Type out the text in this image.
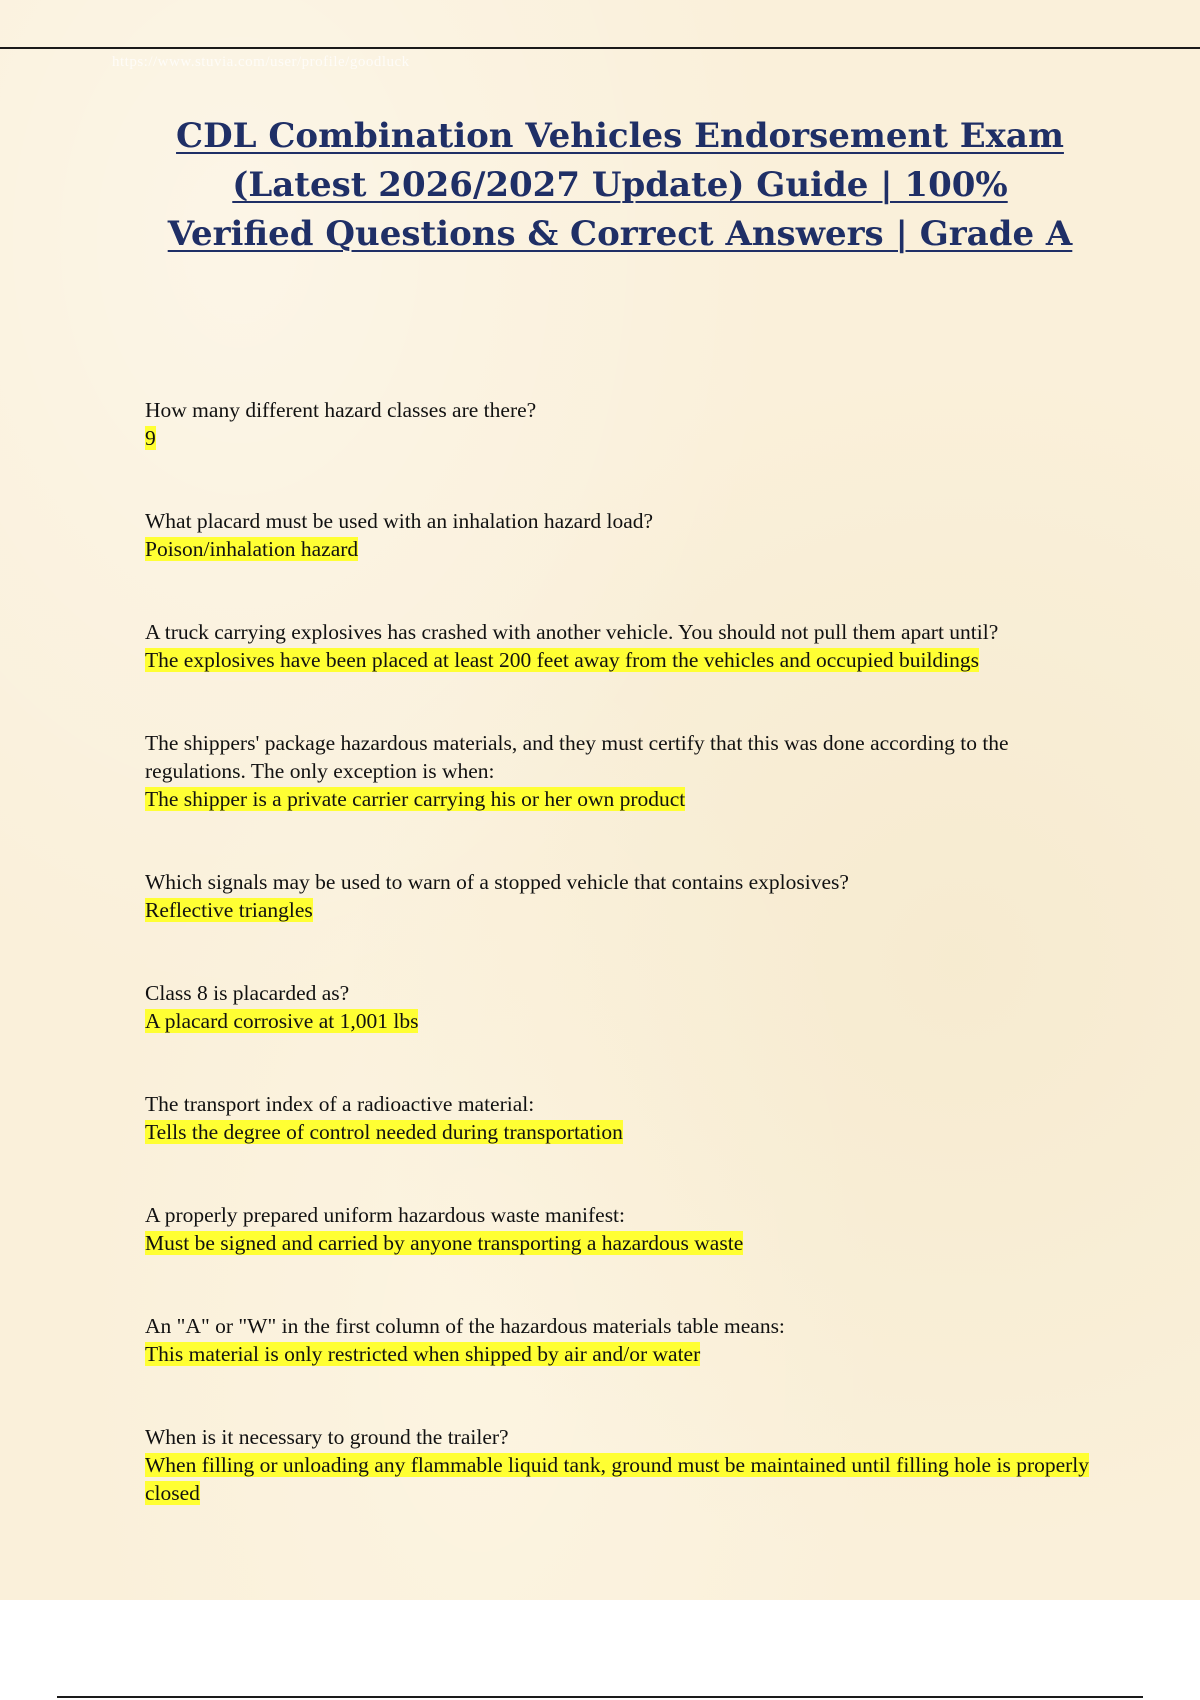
https://www.stuvia.com/user/profile/goodluck
CDL Combination Vehicles Endorsement Exam
(Latest 2026/2027 Update) Guide | 100%
Verified Questions & Correct Answers | Grade A
How many different hazard classes are there?
9
What placard must be used with an inhalation hazard load?
Poison/inhalation hazard
A truck carrying explosives has crashed with another vehicle. You should not pull them apart until?
The explosives have been placed at least 200 feet away from the vehicles and occupied buildings
The shippers' package hazardous materials, and they must certify that this was done according to the regulations. The only exception is when:
The shipper is a private carrier carrying his or her own product
Which signals may be used to warn of a stopped vehicle that contains explosives?
Reflective triangles
Class 8 is placarded as?
A placard corrosive at 1,001 lbs
The transport index of a radioactive material:
Tells the degree of control needed during transportation
A properly prepared uniform hazardous waste manifest:
Must be signed and carried by anyone transporting a hazardous waste
An "A" or "W" in the first column of the hazardous materials table means:
This material is only restricted when shipped by air and/or water
When is it necessary to ground the trailer?
When filling or unloading any flammable liquid tank, ground must be maintained until filling hole is properly closed
